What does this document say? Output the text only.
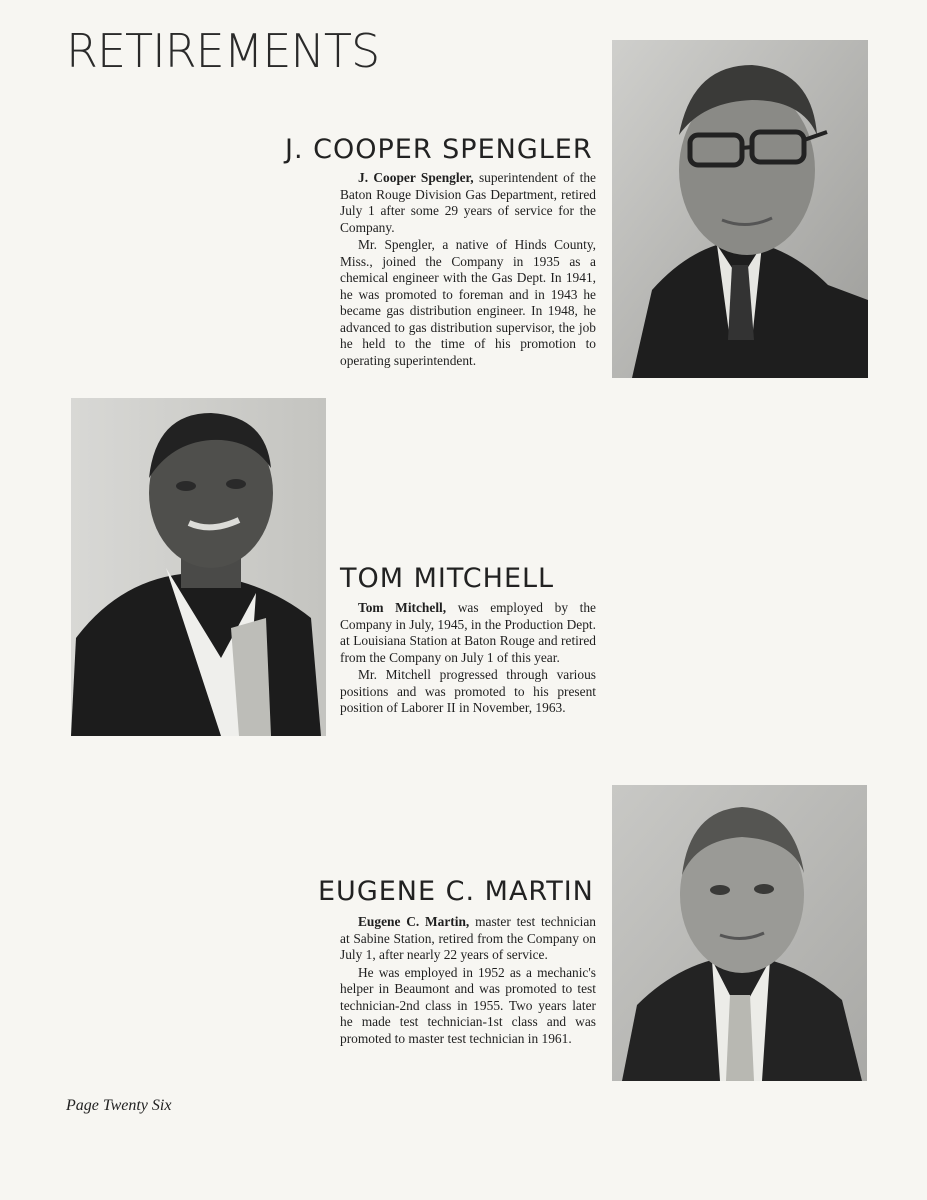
RETIREMENTS
J. COOPER SPENGLER

J. Cooper Spengler, superintendent of the Baton Rouge Division Gas Department, retired July 1 after some 29 years of service for the Company.

Mr. Spengler, a native of Hinds County, Miss., joined the Company in 1935 as a chemical engineer with the Gas Dept. In 1941, he was promoted to foreman and in 1943 he became gas distribution engineer. In 1948, he advanced to gas distribution supervisor, the job he held to the time of his promotion to operating superintendent.

TOM MITCHELL

Tom Mitchell, was employed by the Company in July, 1945, in the Production Dept. at Louisiana Station at Baton Rouge and retired from the Company on July 1 of this year.

Mr. Mitchell progressed through various positions and was promoted to his present position of Laborer II in November, 1963.

EUGENE C. MARTIN

Eugene C. Martin, master test technician at Sabine Station, retired from the Company on July 1, after nearly 22 years of service.

He was employed in 1952 as a mechanic's helper in Beaumont and was promoted to test technician-2nd class in 1955. Two years later he made test technician-1st class and was promoted to master test technician in 1961.

Page Twenty Six
